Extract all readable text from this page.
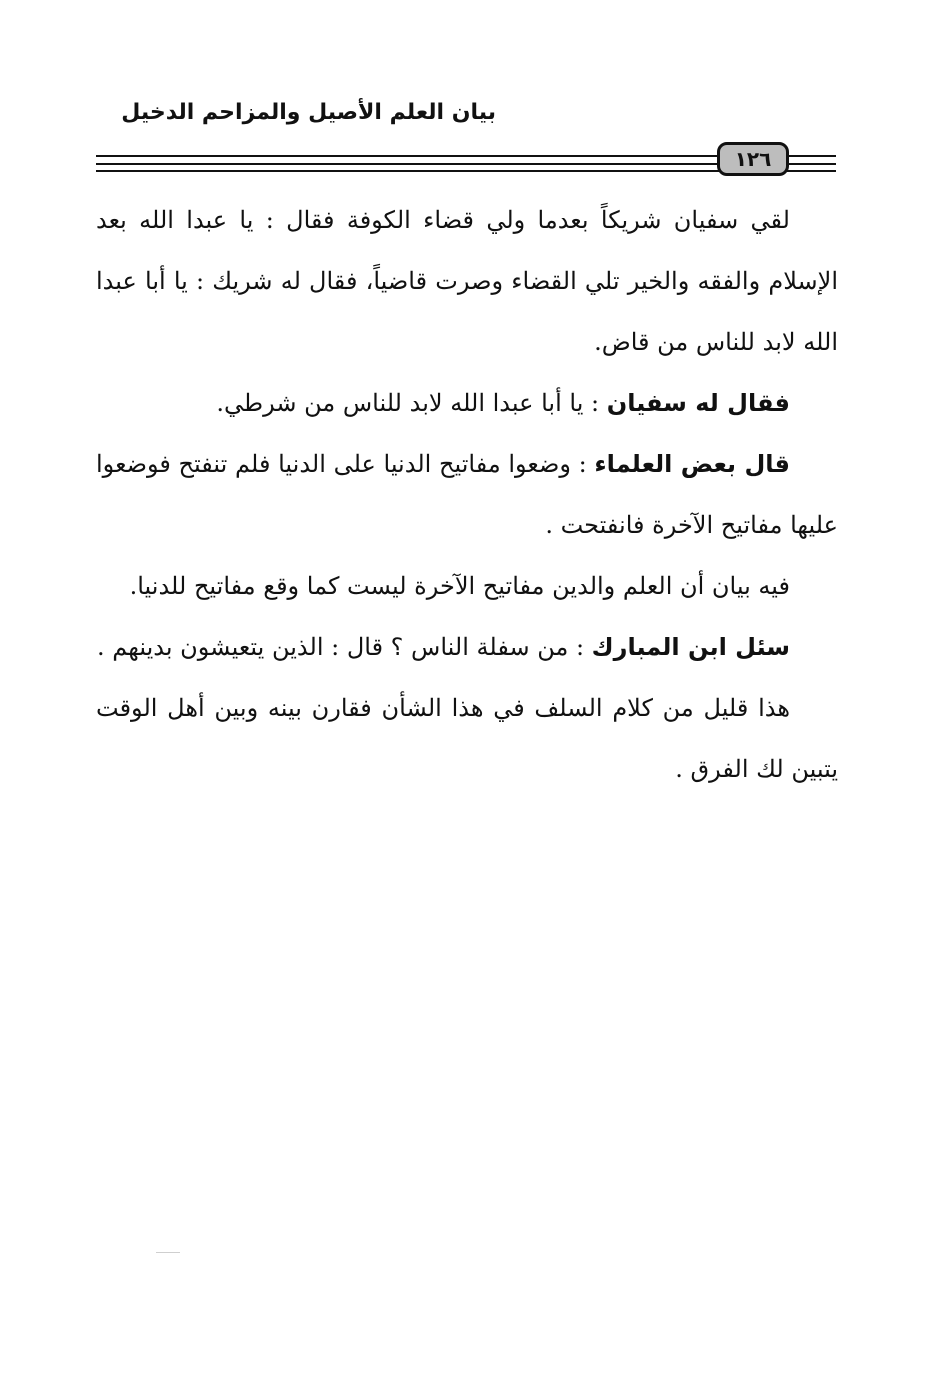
بيان العلم الأصيل والمزاحم الدخيل
١٢٦

لقي سفيان شريكاً بعدما ولي قضاء الكوفة فقال : يا عبدا الله بعد الإسلام والفقه والخير تلي القضاء وصرت قاضياً، فقال له شريك : يا أبا عبدا الله لابد للناس من قاض.

فقال له سفيان : يا أبا عبدا الله لابد للناس من شرطي.

قال بعض العلماء : وضعوا مفاتيح الدنيا على الدنيا فلم تنفتح فوضعوا عليها مفاتيح الآخرة فانفتحت .

فيه بيان أن العلم والدين مفاتيح الآخرة ليست كما وقع مفاتيح للدنيا.

سئل ابن المبارك : من سفلة الناس ؟ قال : الذين يتعيشون بدينهم .

هذا قليل من كلام السلف في هذا الشأن فقارن بينه وبين أهل الوقت يتبين لك الفرق .
